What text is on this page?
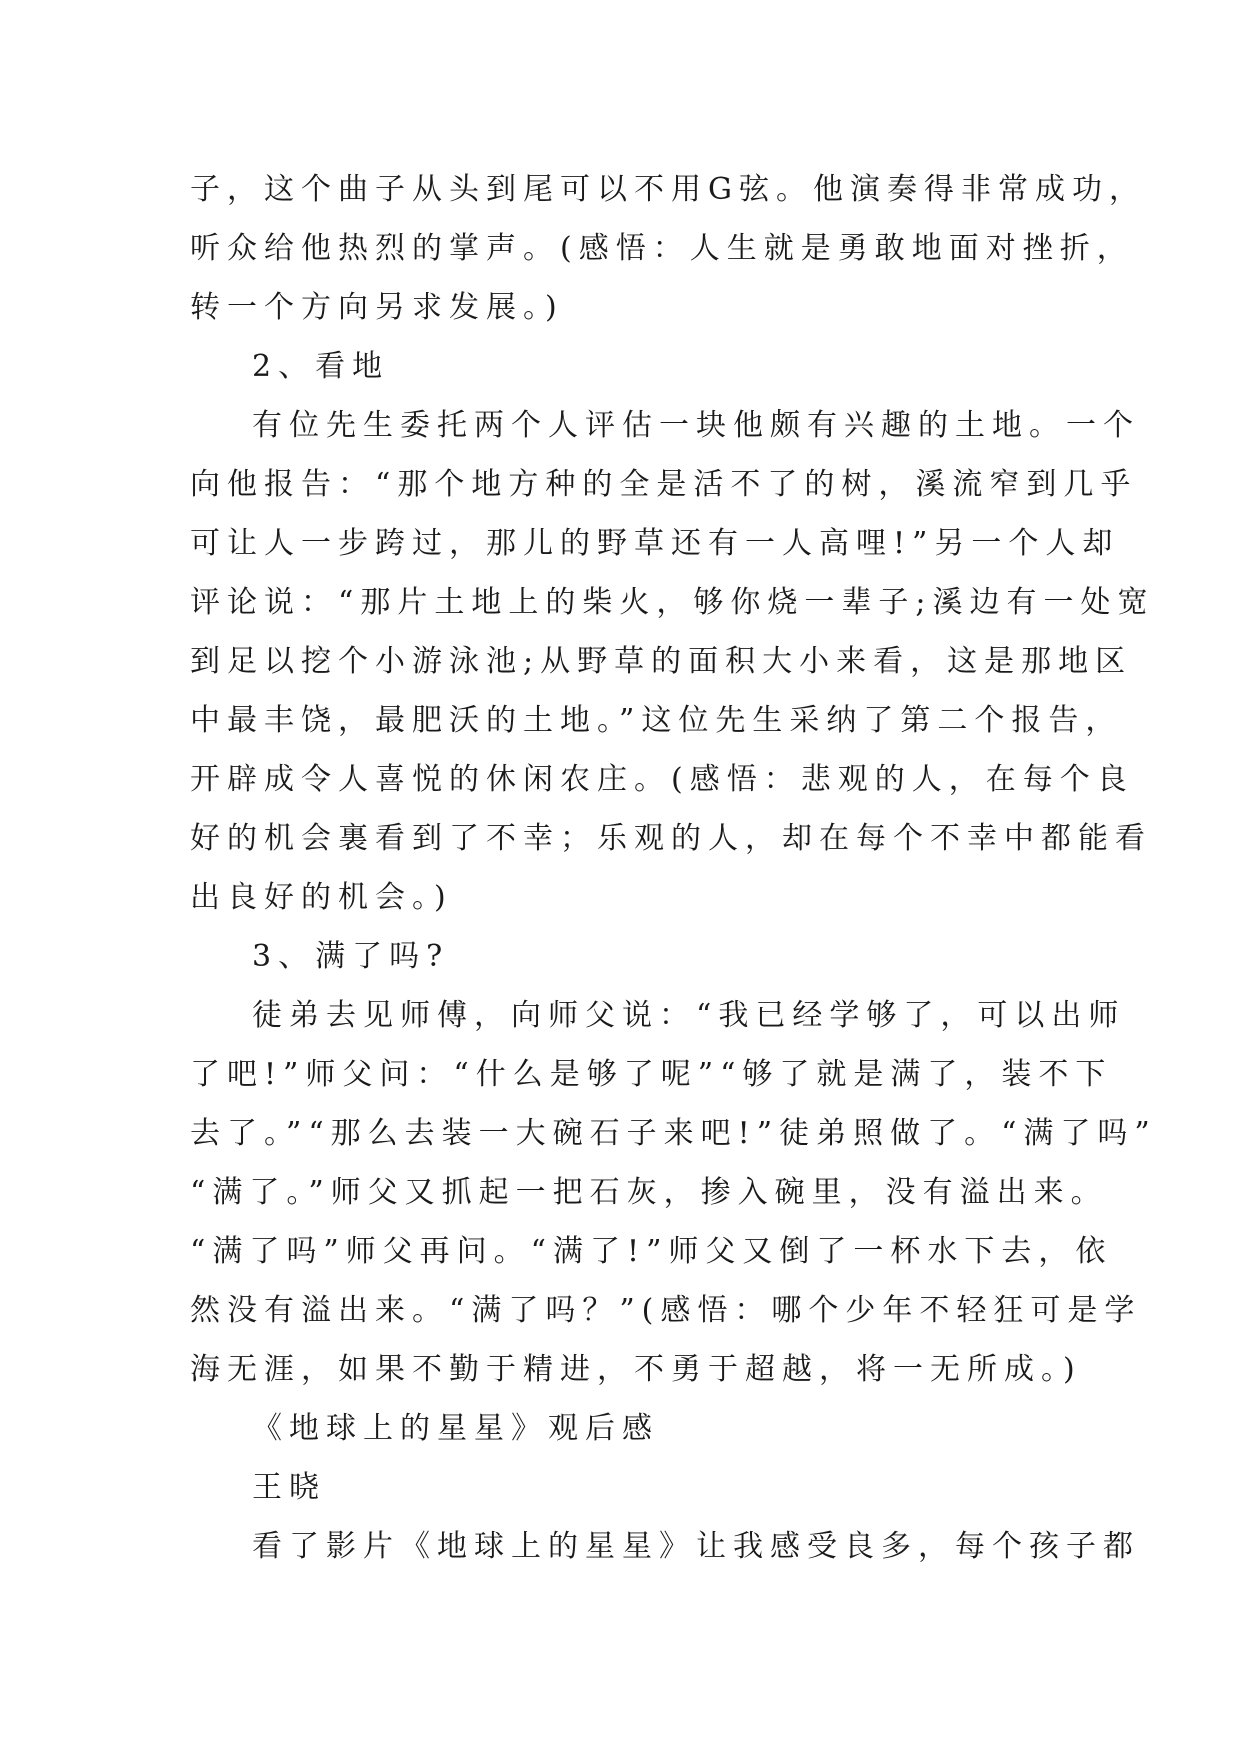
子，这个曲子从头到尾可以不用G弦。他演奏得非常成功，
听众给他热烈的掌声。(感悟：人生就是勇敢地面对挫折，
转一个方向另求发展。)
2、看地
有位先生委托两个人评估一块他颇有兴趣的土地。一个
向他报告：“那个地方种的全是活不了的树，溪流窄到几乎
可让人一步跨过，那儿的野草还有一人高哩!”另一个人却
评论说：“那片土地上的柴火，够你烧一辈子;溪边有一处宽
到足以挖个小游泳池;从野草的面积大小来看，这是那地区
中最丰饶，最肥沃的土地。”这位先生采纳了第二个报告，
开辟成令人喜悦的休闲农庄。(感悟：悲观的人，在每个良
好的机会裏看到了不幸；乐观的人，却在每个不幸中都能看
出良好的机会。)
3、满了吗?
徒弟去见师傅，向师父说：“我已经学够了，可以出师
了吧!”师父问：“什么是够了呢”“够了就是满了，装不下
去了。”“那么去装一大碗石子来吧!”徒弟照做了。“满了吗”
“满了。”师父又抓起一把石灰，掺入碗里，没有溢出来。
“满了吗”师父再问。“满了!”师父又倒了一杯水下去，依
然没有溢出来。“满了吗？”(感悟：哪个少年不轻狂可是学
海无涯，如果不勤于精进，不勇于超越，将一无所成。)
《地球上的星星》观后感
王晓
看了影片《地球上的星星》让我感受良多，每个孩子都
